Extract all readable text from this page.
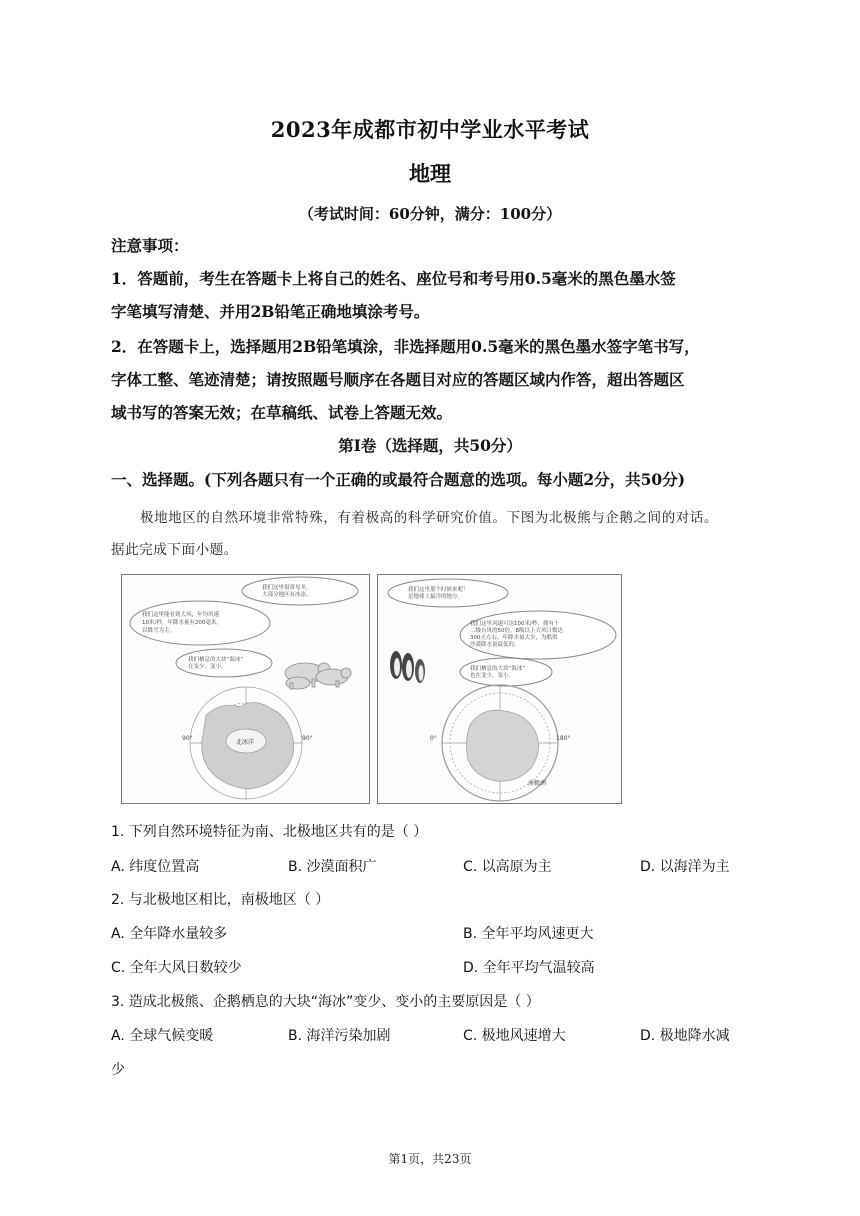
2023年成都市初中学业水平考试
地理
（考试时间：60分钟，满分：100分）
注意事项：
1．答题前，考生在答题卡上将自己的姓名、座位号和考号用0.5毫米的黑色墨水签
字笔填写清楚、并用2B铅笔正确地填涂考号。
2．在答题卡上，选择题用2B铅笔填涂，非选择题用0.5毫米的黑色墨水签字笔书写，
字体工整、笔迹清楚；请按照题号顺序在各题目对应的答题区域内作答，超出答题区
域书写的答案无效；在草稿纸、试卷上答题无效。
第Ⅰ卷（选择题，共50分）
一、选择题。(下列各题只有一个正确的或最符合题意的选项。每小题2分，共50分)
极地地区的自然环境非常特殊，有着极高的科学研究价值。下图为北极熊与企鹅之间的对话。
据此完成下面小题。
我们这里很常见冬，
大部分地区有冰冻。
我们这里能看到大风，年均风速
10米/秒，年降水量有200毫米，
以降雪为主。
我们栖息的大块“海冰”
在变少、变小。
北冰洋
90°	90°
我们这里那个时候来呢！
是地球上最冷的地方。
我们这里风速可达100米/秒，拥有十
二级台风的50倍，8级以上大风日数达
300天左右，年降水量太少，为酷似
沙漠降水量最低的。
我们栖息的大块“海冰”
也在变少，变小。
0°	180°
南极洲
1. 下列自然环境特征为南、北极地区共有的是（ ）
A. 纬度位置高	B. 沙漠面积广	C. 以高原为主	D. 以海洋为主
2. 与北极地区相比，南极地区（ ）
A. 全年降水量较多	B. 全年平均风速更大
C. 全年大风日数较少	D. 全年平均气温较高
3. 造成北极熊、企鹅栖息的大块“海冰”变少、变小的主要原因是（ ）
A. 全球气候变暖	B. 海洋污染加剧	C. 极地风速增大	D. 极地降水减
少
第1页，共23页
